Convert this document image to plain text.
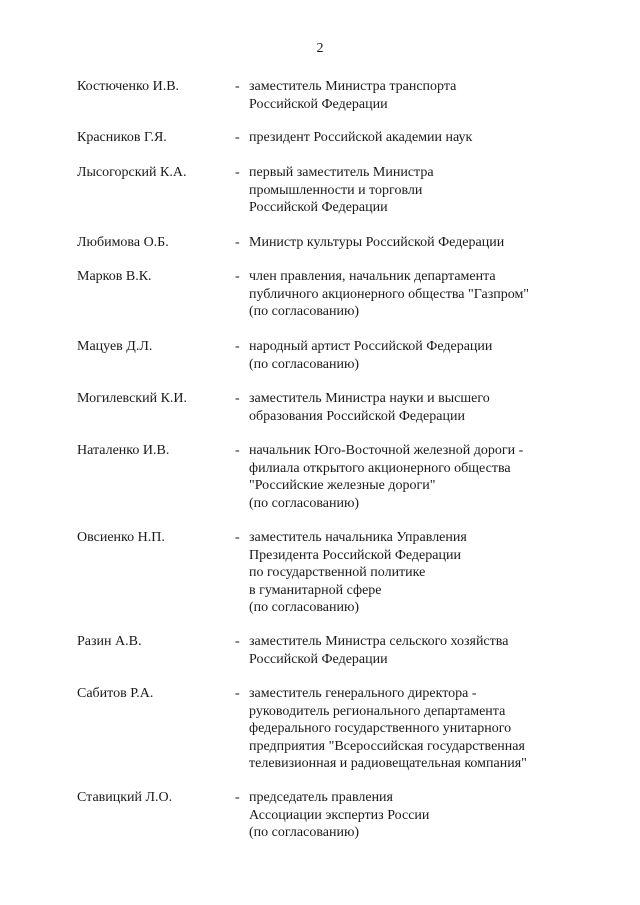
2
Костюченко И.В.	- заместитель Министра транспорта
Российской Федерации
Красников Г.Я.	- президент Российской академии наук
Лысогорский К.А.	- первый заместитель Министра
промышленности и торговли
Российской Федерации
Любимова О.Б.	- Министр культуры Российской Федерации
Марков В.К.	- член правления, начальник департамента
публичного акционерного общества "Газпром"
(по согласованию)
Мацуев Д.Л.	- народный артист Российской Федерации
(по согласованию)
Могилевский К.И.	- заместитель Министра науки и высшего
образования Российской Федерации
Наталенко И.В.	- начальник Юго-Восточной железной дороги -
филиала открытого акционерного общества
"Российские железные дороги"
(по согласованию)
Овсиенко Н.П.	- заместитель начальника Управления
Президента Российской Федерации
по государственной политике
в гуманитарной сфере
(по согласованию)
Разин А.В.	- заместитель Министра сельского хозяйства
Российской Федерации
Сабитов Р.А.	- заместитель генерального директора -
руководитель регионального департамента
федерального государственного унитарного
предприятия "Всероссийская государственная
телевизионная и радиовещательная компания"
Ставицкий Л.О.	- председатель правления
Ассоциации экспертиз России
(по согласованию)
